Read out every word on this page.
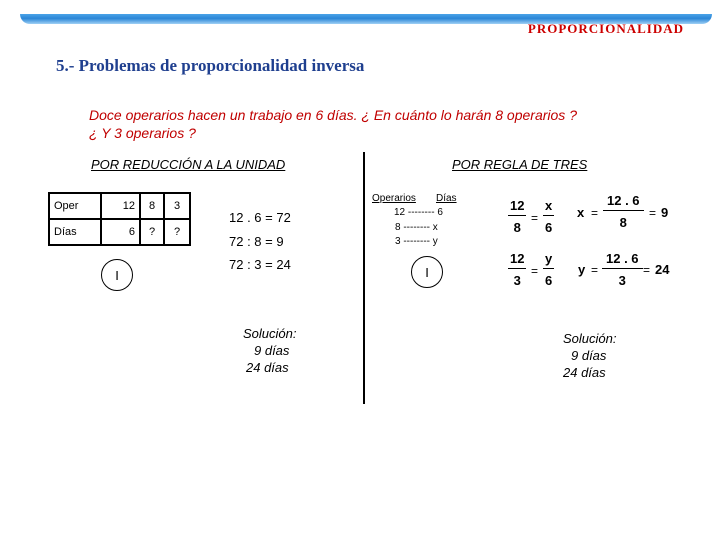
PROPORCIONALIDAD
5.- Problemas de proporcionalidad inversa
Doce operarios hacen un trabajo en 6 días. ¿ En cuánto lo harán 8 operarios ?
¿ Y 3 operarios ?
POR REDUCCIÓN A LA UNIDAD	POR REGLA DE TRES
Oper	12	8	3
Días	6	?	?
I
12 . 6 = 72
72 : 8 = 9
72 : 3 = 24
Solución:
9 días
24 días
Operarios Días
12 -------- 6
8 -------- x
3 -------- y
I
12
8
=
x
6
x =
12 . 6
8
= 9
12
3
=
y
6
y =
12 . 6
3
= 24
Solución:
9 días
24 días
